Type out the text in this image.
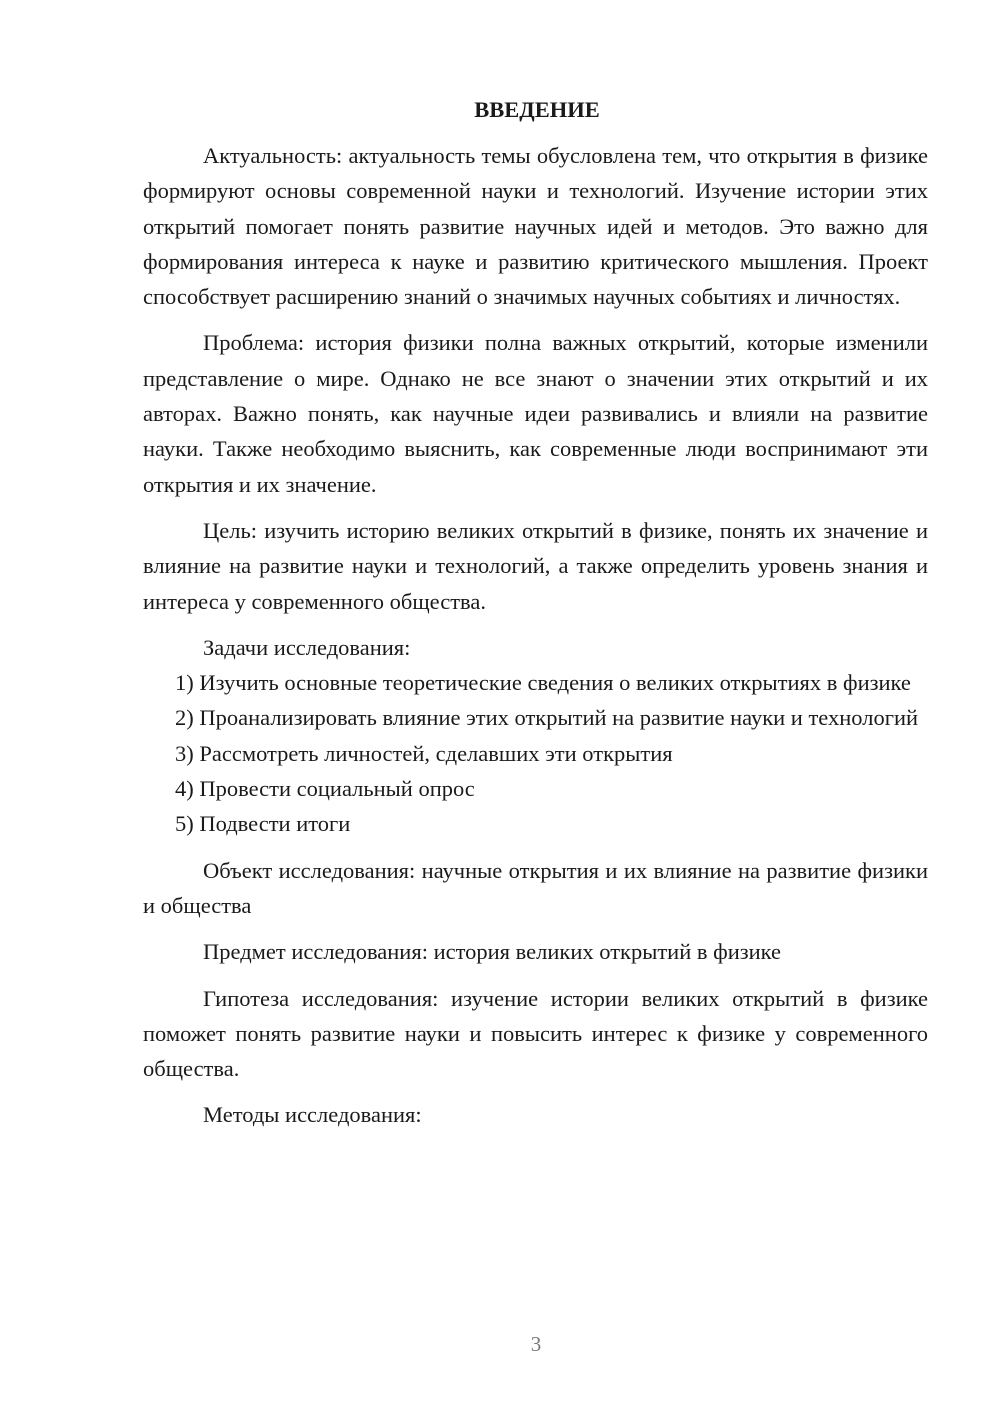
ВВЕДЕНИЕ

Актуальность: актуальность темы обусловлена тем, что открытия в физике формируют основы современной науки и технологий. Изучение истории этих открытий помогает понять развитие научных идей и методов. Это важно для формирования интереса к науке и развитию критического мышления. Проект способствует расширению знаний о значимых научных событиях и личностях.

Проблема: история физики полна важных открытий, которые изменили представление о мире. Однако не все знают о значении этих открытий и их авторах. Важно понять, как научные идеи развивались и влияли на развитие науки. Также необходимо выяснить, как современные люди воспринимают эти открытия и их значение.

Цель: изучить историю великих открытий в физике, понять их значение и влияние на развитие науки и технологий, а также определить уровень знания и интереса у современного общества.

Задачи исследования:

1) Изучить основные теоретические сведения о великих открытиях в физике

2) Проанализировать влияние этих открытий на развитие науки и технологий

3) Рассмотреть личностей, сделавших эти открытия

4) Провести социальный опрос

5) Подвести итоги

Объект исследования: научные открытия и их влияние на развитие физики и общества

Предмет исследования: история великих открытий в физике

Гипотеза исследования: изучение истории великих открытий в физике поможет понять развитие науки и повысить интерес к физике у современного общества.

Методы исследования:

3
